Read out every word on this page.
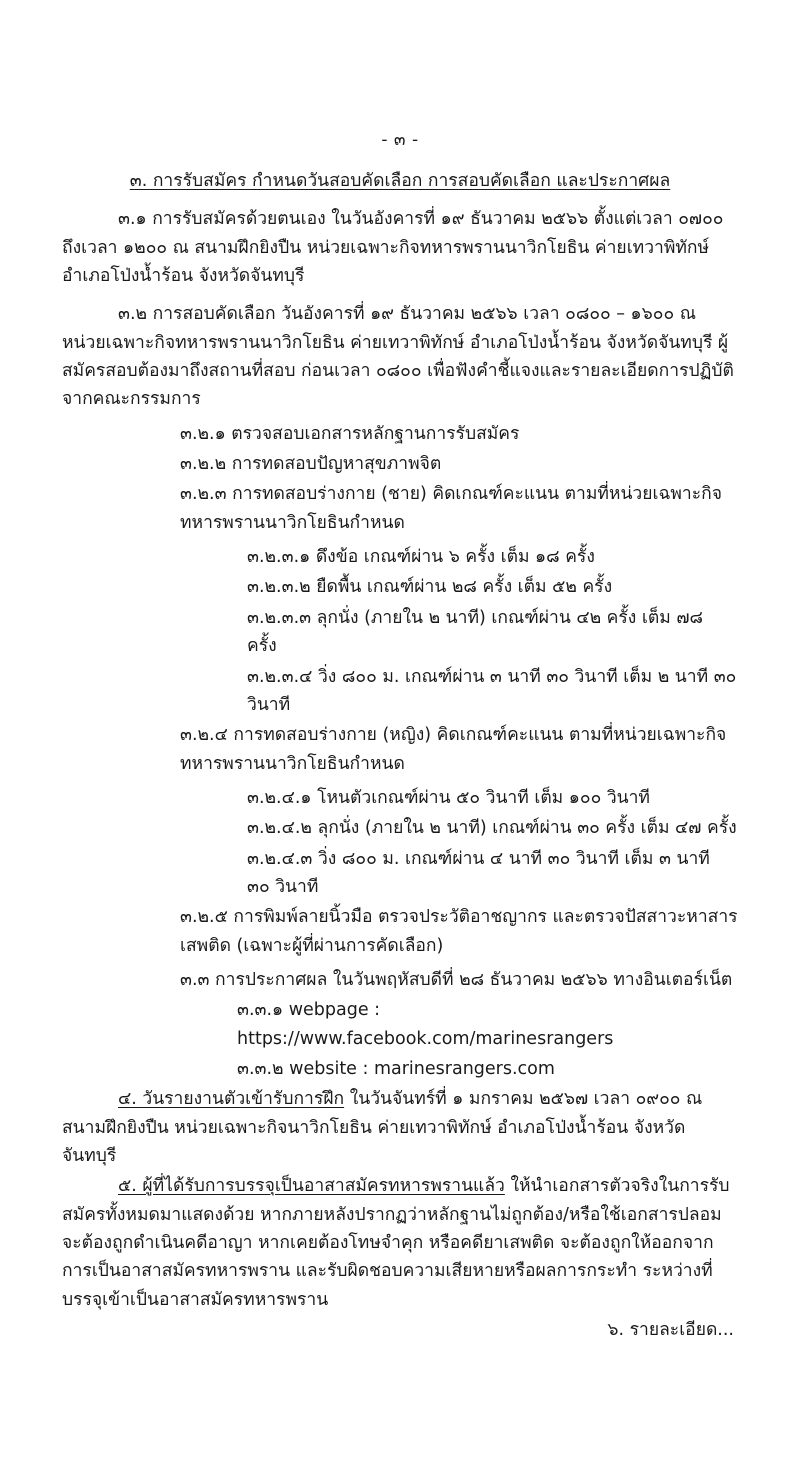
- ๓ -

๓. การรับสมัคร กำหนดวันสอบคัดเลือก การสอบคัดเลือก และประกาศผล

๓.๑ การรับสมัครด้วยตนเอง ในวันอังคารที่ ๑๙ ธันวาคม ๒๕๖๖ ตั้งแต่เวลา ๐๗๐๐ ถึงเวลา ๑๒๐๐ ณ สนามฝึกยิงปืน หน่วยเฉพาะกิจทหารพรานนาวิกโยธิน ค่ายเทวาพิทักษ์ อำเภอโป่งน้ำร้อน จังหวัดจันทบุรี

๓.๒ การสอบคัดเลือก วันอังคารที่ ๑๙ ธันวาคม ๒๕๖๖ เวลา ๐๘๐๐ – ๑๖๐๐ ณ หน่วยเฉพาะกิจทหารพรานนาวิกโยธิน ค่ายเทวาพิทักษ์ อำเภอโป่งน้ำร้อน จังหวัดจันทบุรี ผู้สมัครสอบต้องมาถึงสถานที่สอบ ก่อนเวลา ๐๘๐๐ เพื่อฟังคำชี้แจงและรายละเอียดการปฏิบัติจากคณะกรรมการ

๓.๒.๑ ตรวจสอบเอกสารหลักฐานการรับสมัคร

๓.๒.๒ การทดสอบปัญหาสุขภาพจิต

๓.๒.๓ การทดสอบร่างกาย (ชาย) คิดเกณฑ์คะแนน ตามที่หน่วยเฉพาะกิจทหารพรานนาวิกโยธินกำหนด

๓.๒.๓.๑ ดึงข้อ เกณฑ์ผ่าน ๖ ครั้ง เต็ม ๑๘ ครั้ง

๓.๒.๓.๒ ยืดพื้น เกณฑ์ผ่าน ๒๘ ครั้ง เต็ม ๕๒ ครั้ง

๓.๒.๓.๓ ลุกนั่ง (ภายใน ๒ นาที) เกณฑ์ผ่าน ๔๒ ครั้ง เต็ม ๗๘ ครั้ง

๓.๒.๓.๔ วิ่ง ๘๐๐ ม. เกณฑ์ผ่าน ๓ นาที ๓๐ วินาที เต็ม ๒ นาที ๓๐ วินาที

๓.๒.๔ การทดสอบร่างกาย (หญิง) คิดเกณฑ์คะแนน ตามที่หน่วยเฉพาะกิจทหารพรานนาวิกโยธินกำหนด

๓.๒.๔.๑ โหนตัวเกณฑ์ผ่าน ๕๐ วินาที เต็ม ๑๐๐ วินาที

๓.๒.๔.๒ ลุกนั่ง (ภายใน ๒ นาที) เกณฑ์ผ่าน ๓๐ ครั้ง เต็ม ๔๗ ครั้ง

๓.๒.๔.๓ วิ่ง ๘๐๐ ม. เกณฑ์ผ่าน ๔ นาที ๓๐ วินาที เต็ม ๓ นาที ๓๐ วินาที

๓.๒.๕ การพิมพ์ลายนิ้วมือ ตรวจประวัติอาชญากร และตรวจปัสสาวะหาสารเสพติด (เฉพาะผู้ที่ผ่านการคัดเลือก)

๓.๓ การประกาศผล ในวันพฤหัสบดีที่ ๒๘ ธันวาคม ๒๕๖๖ ทางอินเตอร์เน็ต

๓.๓.๑ webpage : https://www.facebook.com/marinesrangers

๓.๓.๒ website : marinesrangers.com

๔. วันรายงานตัวเข้ารับการฝึก ในวันจันทร์ที่ ๑ มกราคม ๒๕๖๗ เวลา ๐๙๐๐ ณ สนามฝึกยิงปืน หน่วยเฉพาะกิจนาวิกโยธิน ค่ายเทวาพิทักษ์ อำเภอโป่งน้ำร้อน จังหวัดจันทบุรี

๕. ผู้ที่ได้รับการบรรจุเป็นอาสาสมัครทหารพรานแล้ว ให้นำเอกสารตัวจริงในการรับสมัครทั้งหมดมาแสดงด้วย หากภายหลังปรากฏว่าหลักฐานไม่ถูกต้อง/หรือใช้เอกสารปลอม จะต้องถูกดำเนินคดีอาญา หากเคยต้องโทษจำคุก หรือคดียาเสพติด จะต้องถูกให้ออกจากการเป็นอาสาสมัครทหารพราน และรับผิดชอบความเสียหายหรือผลการกระทำ ระหว่างที่บรรจุเข้าเป็นอาสาสมัครทหารพราน

๖. รายละเอียด...
